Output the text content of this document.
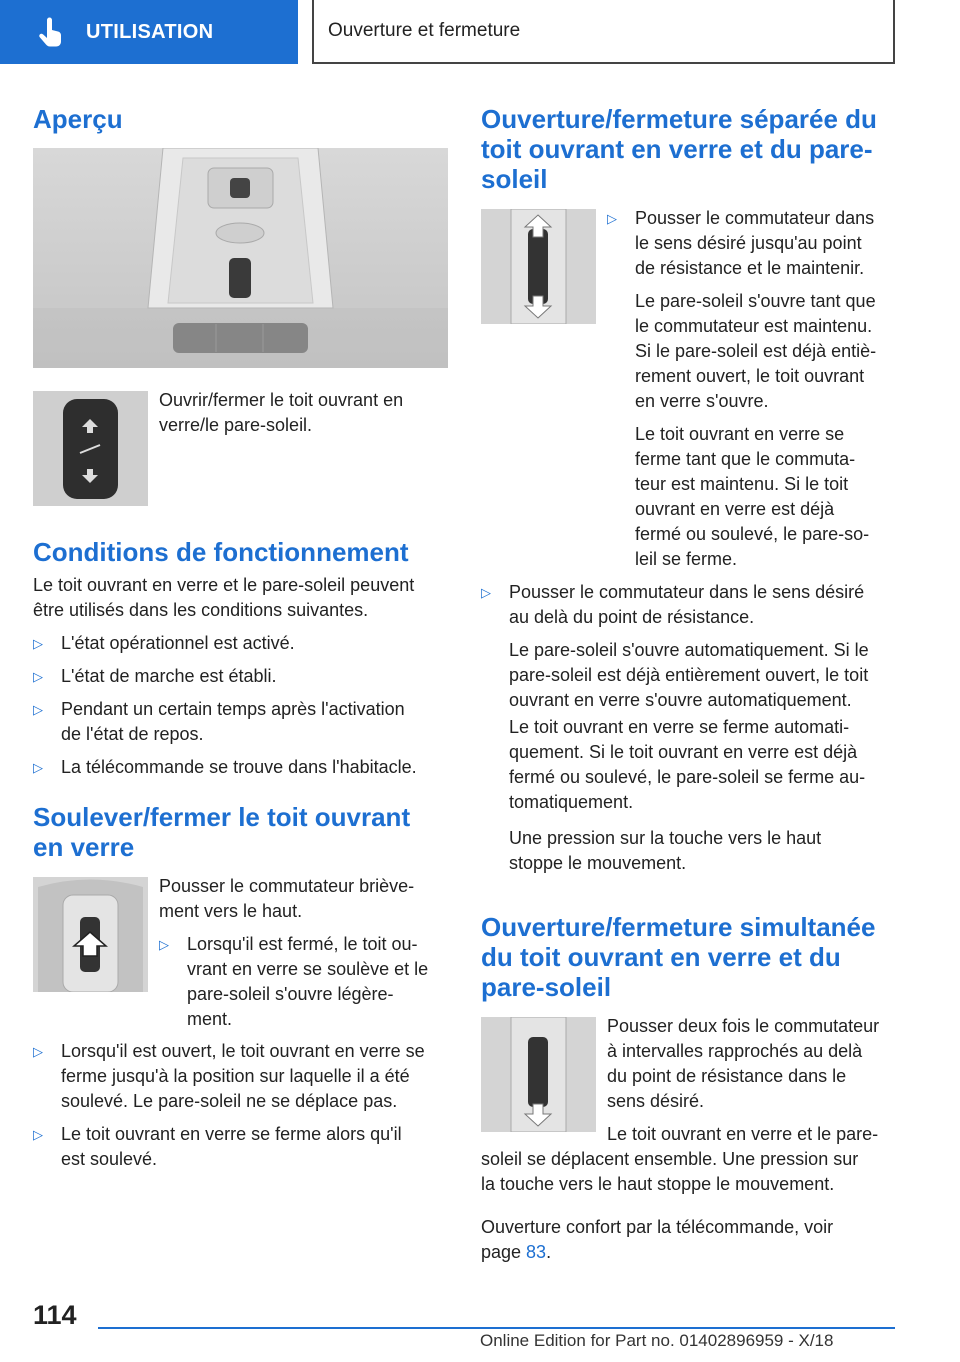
UTILISATION	Ouverture et fermeture
Aperçu

Ouvrir/fermer le toit ouvrant en
verre/le pare-soleil.

Conditions de fonctionnement

Le toit ouvrant en verre et le pare-soleil peuvent
être utilisés dans les conditions suivantes.

▷ L'état opérationnel est activé.
▷ L'état de marche est établi.
▷ Pendant un certain temps après l'activation
de l'état de repos.
▷ La télécommande se trouve dans l'habitacle.
Soulever/fermer le toit ouvrant
en verre

Pousser le commutateur briève-
ment vers le haut.

▷ Lorsqu'il est fermé, le toit ou-
vrant en verre se soulève et le
pare-soleil s'ouvre légère-
ment.
▷ Lorsqu'il est ouvert, le toit ouvrant en verre se
ferme jusqu'à la position sur laquelle il a été
soulevé. Le pare-soleil ne se déplace pas.
▷ Le toit ouvrant en verre se ferme alors qu'il
est soulevé.
Ouverture/fermeture séparée du
toit ouvrant en verre et du pare-
soleil
▷ Pousser le commutateur dans
le sens désiré jusqu'au point
de résistance et le maintenir.

Le pare-soleil s'ouvre tant que
le commutateur est maintenu.
Si le pare-soleil est déjà entiè-
rement ouvert, le toit ouvrant
en verre s'ouvre.

Le toit ouvrant en verre se
ferme tant que le commuta-
teur est maintenu. Si le toit
ouvrant en verre est déjà
fermé ou soulevé, le pare-so-
leil se ferme.

▷ Pousser le commutateur dans le sens désiré
au delà du point de résistance.

Le pare-soleil s'ouvre automatiquement. Si le
pare-soleil est déjà entièrement ouvert, le toit
ouvrant en verre s'ouvre automatiquement.

Le toit ouvrant en verre se ferme automati-
quement. Si le toit ouvrant en verre est déjà
fermé ou soulevé, le pare-soleil se ferme au-
tomatiquement.

Une pression sur la touche vers le haut
stoppe le mouvement.

Ouverture/fermeture simultanée
du toit ouvrant en verre et du
pare-soleil

Pousser deux fois le commutateur
à intervalles rapprochés au delà
du point de résistance dans le
sens désiré.

Le toit ouvrant en verre et le pare-

soleil se déplacent ensemble. Une pression sur
la touche vers le haut stoppe le mouvement.

Ouverture confort par la télécommande, voir
page 83.

114
Online Edition for Part no. 01402896959 - X/18
